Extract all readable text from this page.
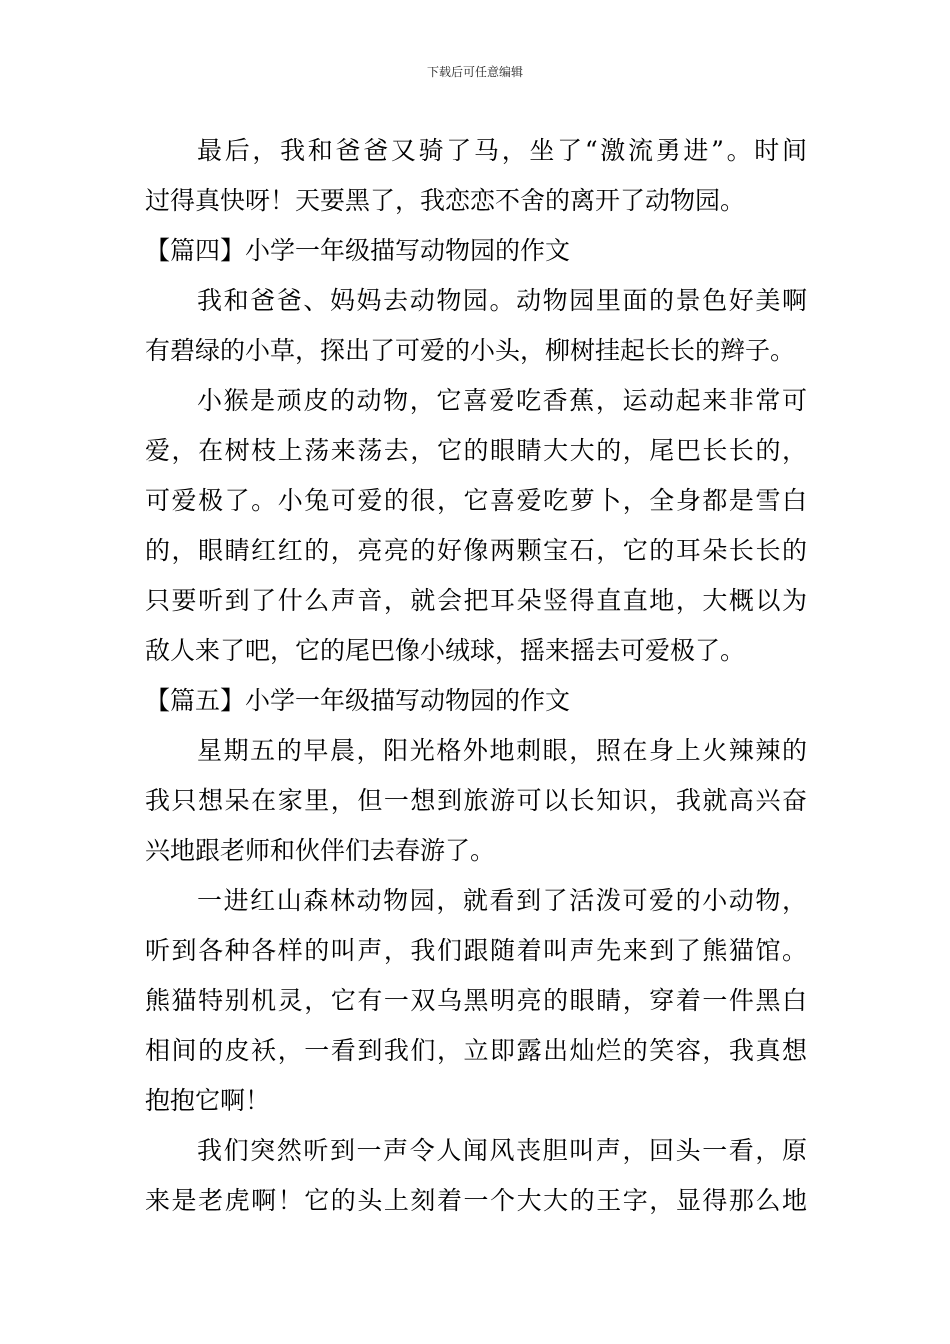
下载后可任意编辑
最后，我和爸爸又骑了马，坐了“激流勇进”。时间
过得真快呀！天要黑了，我恋恋不舍的离开了动物园。
【篇四】小学一年级描写动物园的作文
我和爸爸、妈妈去动物园。动物园里面的景色好美啊
有碧绿的小草，探出了可爱的小头，柳树挂起长长的辫子。
小猴是顽皮的动物，它喜爱吃香蕉，运动起来非常可
爱，在树枝上荡来荡去，它的眼睛大大的，尾巴长长的，
可爱极了。小兔可爱的很，它喜爱吃萝卜，全身都是雪白
的，眼睛红红的，亮亮的好像两颗宝石，它的耳朵长长的
只要听到了什么声音，就会把耳朵竖得直直地，大概以为
敌人来了吧，它的尾巴像小绒球，摇来摇去可爱极了。
【篇五】小学一年级描写动物园的作文
星期五的早晨，阳光格外地刺眼，照在身上火辣辣的
我只想呆在家里，但一想到旅游可以长知识，我就高兴奋
兴地跟老师和伙伴们去春游了。
一进红山森林动物园，就看到了活泼可爱的小动物，
听到各种各样的叫声，我们跟随着叫声先来到了熊猫馆。
熊猫特别机灵，它有一双乌黑明亮的眼睛，穿着一件黑白
相间的皮袄，一看到我们，立即露出灿烂的笑容，我真想
抱抱它啊！
我们突然听到一声令人闻风丧胆叫声，回头一看，原
来是老虎啊！它的头上刻着一个大大的王字，显得那么地
